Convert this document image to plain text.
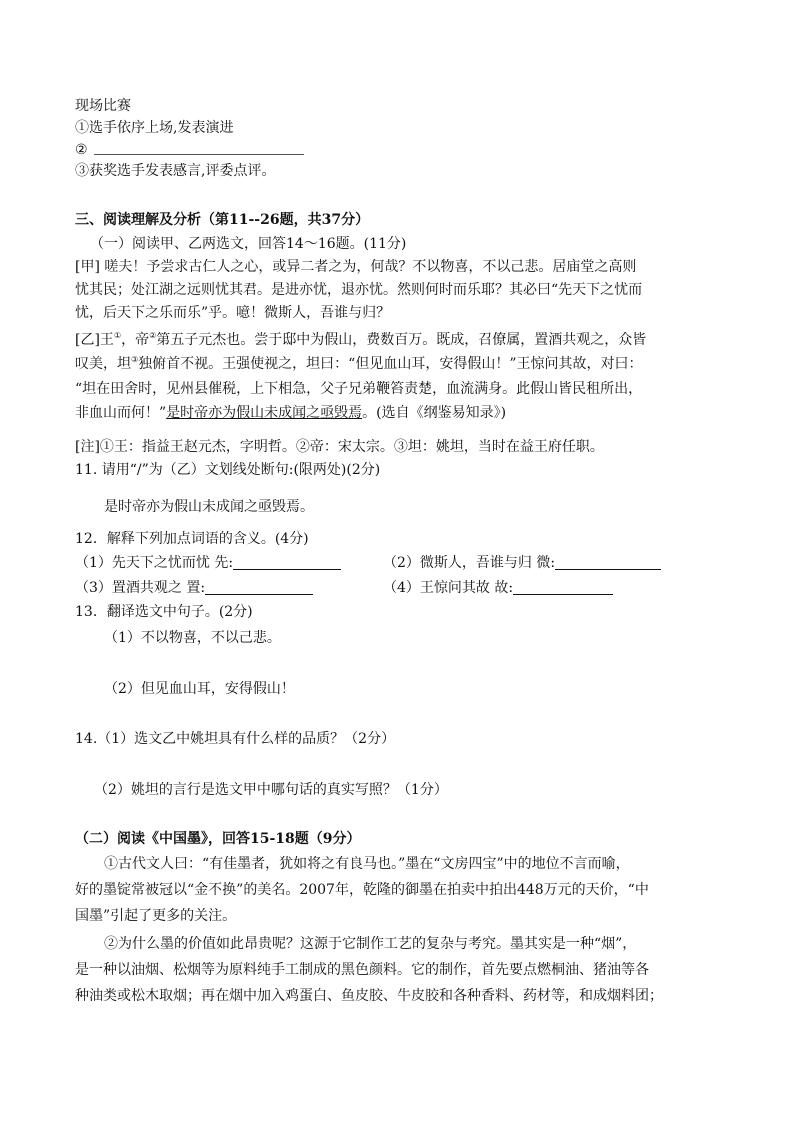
现场比赛
①选手依序上场,发表演进
②
③获奖选手发表感言,评委点评。
三、阅读理解及分析（第11--26题，共37分）
（一）阅读甲、乙两选文，回答14～16题。(11分)
[甲] 嗟夫！予尝求古仁人之心，或异二者之为，何哉？不以物喜，不以己悲。居庙堂之高则
忧其民；处江湖之远则忧其君。是进亦忧，退亦忧。然则何时而乐耶？其必曰“先天下之忧而
忧，后天下之乐而乐”乎。噫！微斯人，吾谁与归？
[乙]王①，帝②第五子元杰也。尝于邸中为假山，费数百万。既成，召僚属，置酒共观之，众皆
叹美，坦③独俯首不视。王强使视之，坦曰：“但见血山耳，安得假山！”王惊问其故，对曰：
“坦在田舍时，见州县催税，上下相急，父子兄弟鞭笞责楚，血流满身。此假山皆民租所出，
非血山而何！”是时帝亦为假山未成闻之亟毁焉。(选自《纲鉴易知录》)
[注]①王：指益王赵元杰，字明哲。②帝：宋太宗。③坦：姚坦，当时在益王府任职。
11. 请用“/”为（乙）文划线处断句:(限两处)(2分)
是时帝亦为假山未成闻之亟毁焉。
12．解释下列加点词语的含义。(4分)
（1）先天下之忧而忧 先:	（2）微斯人，吾谁与归 微:
（3）置酒共观之 置:	（4）王惊问其故 故:
13．翻译选文中句子。(2分)
（1）不以物喜，不以己悲。
（2）但见血山耳，安得假山！
14.（1）选文乙中姚坦具有什么样的品质？（2分）
（2）姚坦的言行是选文甲中哪句话的真实写照？（1分）
（二）阅读《中国墨》，回答15-18题（9分）
①古代文人曰：“有佳墨者，犹如将之有良马也。”墨在“文房四宝”中的地位不言而喻，
好的墨锭常被冠以“金不换”的美名。2007年，乾隆的御墨在拍卖中拍出448万元的天价，“中
国墨”引起了更多的关注。
②为什么墨的价值如此昂贵呢？这源于它制作工艺的复杂与考究。墨其实是一种“烟”，
是一种以油烟、松烟等为原料纯手工制成的黑色颜料。它的制作，首先要点燃桐油、猪油等各
种油类或松木取烟；再在烟中加入鸡蛋白、鱼皮胶、牛皮胶和各种香料、药材等，和成烟料团；
